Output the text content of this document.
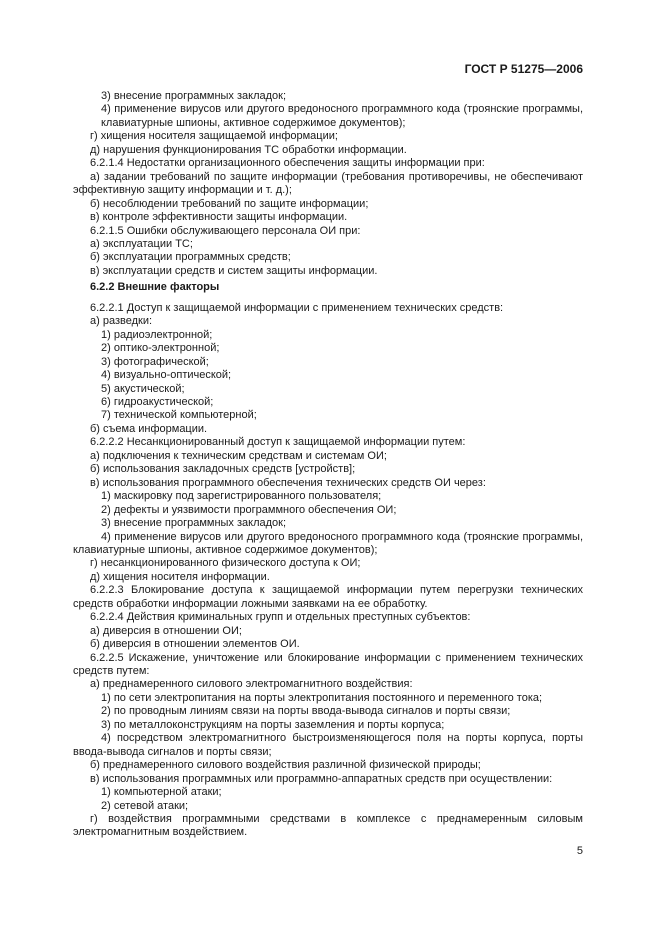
ГОСТ Р 51275—2006

3) внесение программных закладок;

4) применение вирусов или другого вредоносного программного кода (троянские программы, клавиатурные шпионы, активное содержимое документов);

г) хищения носителя защищаемой информации;

д) нарушения функционирования ТС обработки информации.

6.2.1.4 Недостатки организационного обеспечения защиты информации при:

а) задании требований по защите информации (требования противоречивы, не обеспечивают эффективную защиту информации и т. д.);

б) несоблюдении требований по защите информации;

в) контроле эффективности защиты информации.

6.2.1.5 Ошибки обслуживающего персонала ОИ при:

а) эксплуатации ТС;

б) эксплуатации программных средств;

в) эксплуатации средств и систем защиты информации.

6.2.2 Внешние факторы

6.2.2.1 Доступ к защищаемой информации с применением технических средств:

а) разведки:

1) радиоэлектронной;

2) оптико-электронной;

3) фотографической;

4) визуально-оптической;

5) акустической;

6) гидроакустической;

7) технической компьютерной;

б) съема информации.

6.2.2.2 Несанкционированный доступ к защищаемой информации путем:

а) подключения к техническим средствам и системам ОИ;

б) использования закладочных средств [устройств];

в) использования программного обеспечения технических средств ОИ через:

1) маскировку под зарегистрированного пользователя;

2) дефекты и уязвимости программного обеспечения ОИ;

3) внесение программных закладок;

4) применение вирусов или другого вредоносного программного кода (троянские программы, клавиатурные шпионы, активное содержимое документов);

г) несанкционированного физического доступа к ОИ;

д) хищения носителя информации.

6.2.2.3 Блокирование доступа к защищаемой информации путем перегрузки технических средств обработки информации ложными заявками на ее обработку.

6.2.2.4 Действия криминальных групп и отдельных преступных субъектов:

а) диверсия в отношении ОИ;

б) диверсия в отношении элементов ОИ.

6.2.2.5 Искажение, уничтожение или блокирование информации с применением технических средств путем:

а) преднамеренного силового электромагнитного воздействия:

1) по сети электропитания на порты электропитания постоянного и переменного тока;

2) по проводным линиям связи на порты ввода-вывода сигналов и порты связи;

3) по металлоконструкциям на порты заземления и порты корпуса;

4) посредством электромагнитного быстроизменяющегося поля на порты корпуса, порты ввода-вывода сигналов и порты связи;

б) преднамеренного силового воздействия различной физической природы;

в) использования программных или программно-аппаратных средств при осуществлении:

1) компьютерной атаки;

2) сетевой атаки;

г) воздействия программными средствами в комплексе с преднамеренным силовым электромагнитным воздействием.

5
